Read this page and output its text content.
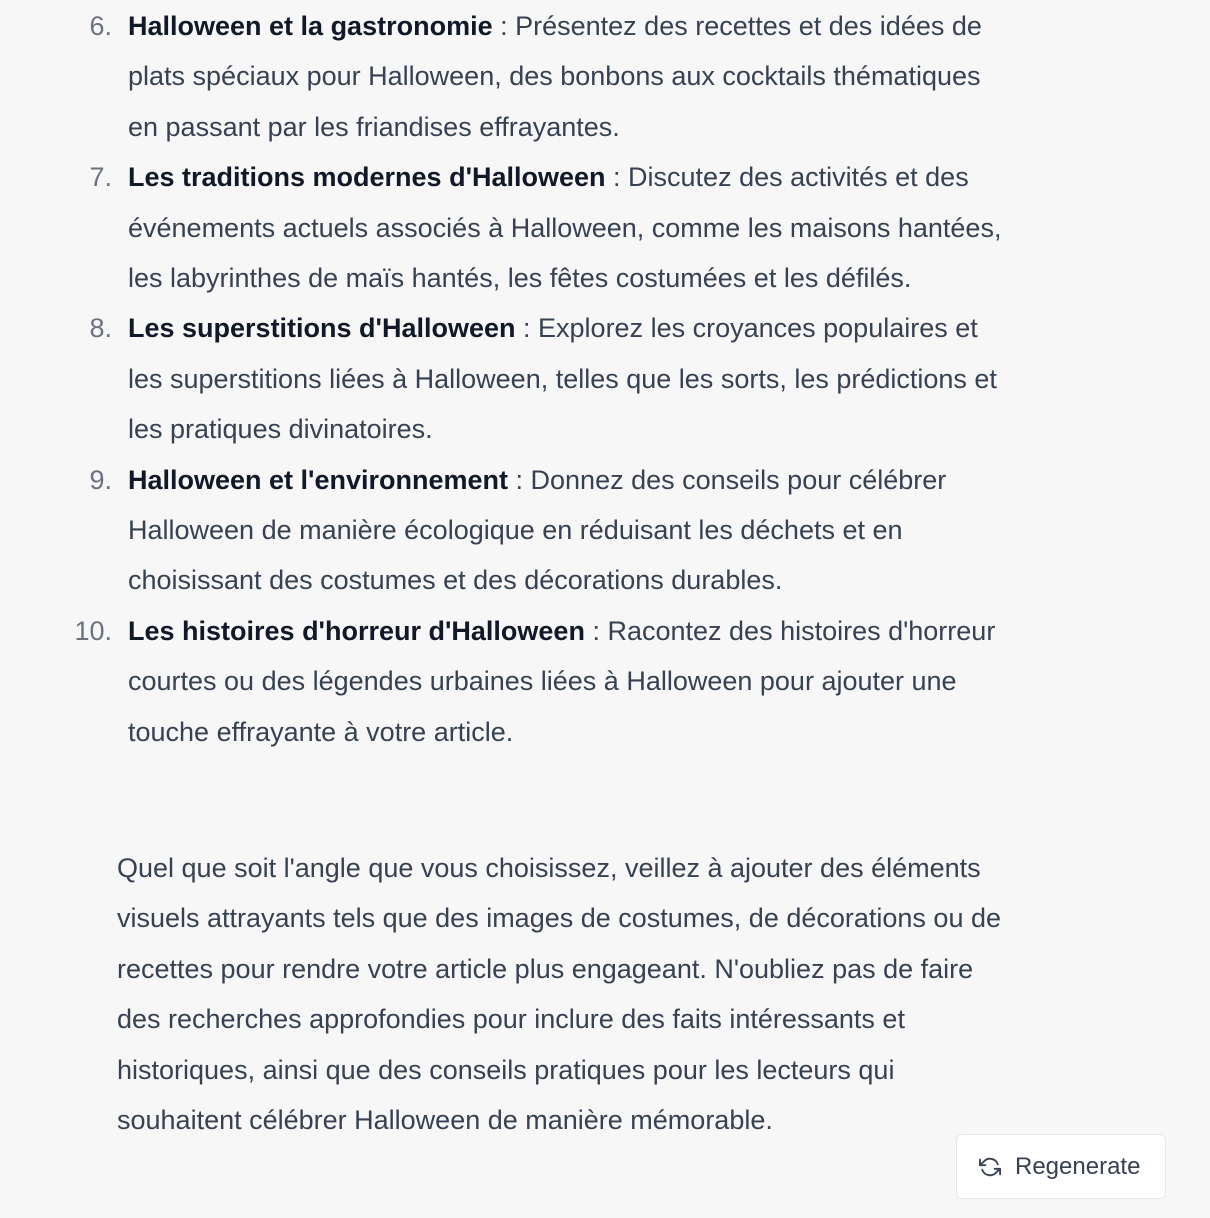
6. Halloween et la gastronomie : Présentez des recettes et des idées de plats spéciaux pour Halloween, des bonbons aux cocktails thématiques en passant par les friandises effrayantes.
7. Les traditions modernes d'Halloween : Discutez des activités et des événements actuels associés à Halloween, comme les maisons hantées, les labyrinthes de maïs hantés, les fêtes costumées et les défilés.
8. Les superstitions d'Halloween : Explorez les croyances populaires et les superstitions liées à Halloween, telles que les sorts, les prédictions et les pratiques divinatoires.
9. Halloween et l'environnement : Donnez des conseils pour célébrer Halloween de manière écologique en réduisant les déchets et en choisissant des costumes et des décorations durables.
10. Les histoires d'horreur d'Halloween : Racontez des histoires d'horreur courtes ou des légendes urbaines liées à Halloween pour ajouter une touche effrayante à votre article.

Quel que soit l'angle que vous choisissez, veillez à ajouter des éléments visuels attrayants tels que des images de costumes, de décorations ou de recettes pour rendre votre article plus engageant. N'oubliez pas de faire des recherches approfondies pour inclure des faits intéressants et historiques, ainsi que des conseils pratiques pour les lecteurs qui souhaitent célébrer Halloween de manière mémorable.

Regenerate
